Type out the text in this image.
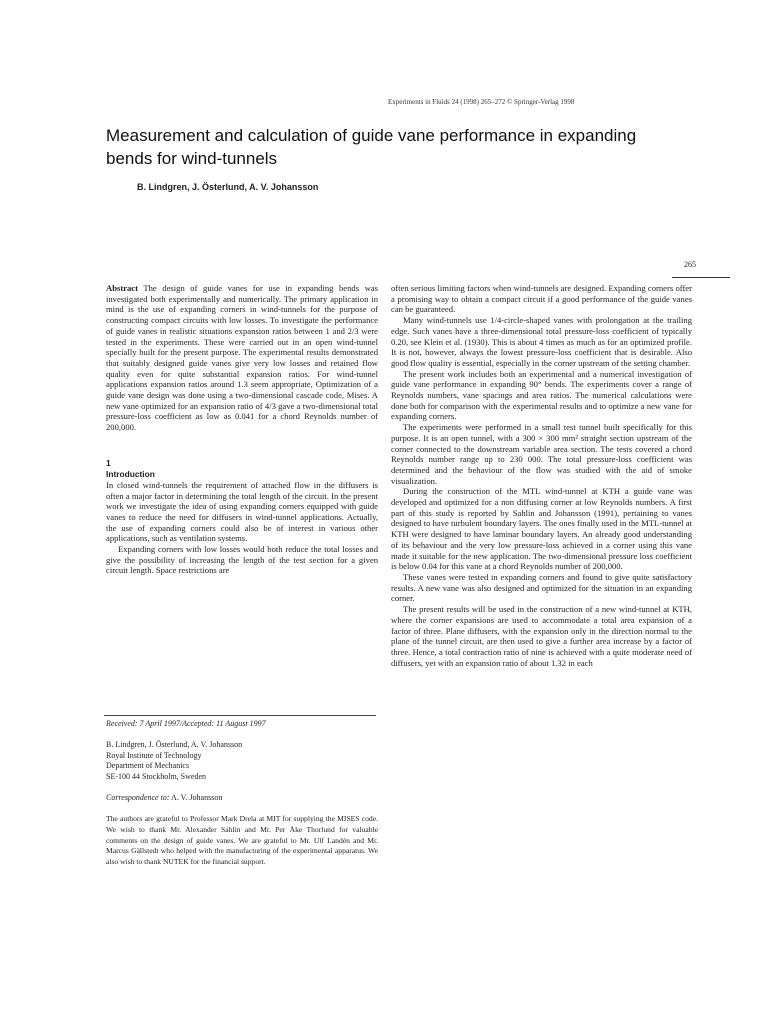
Experiments in Fluids 24 (1998) 265–272 © Springer-Verlag 1998
Measurement and calculation of guide vane performance in expanding bends for wind-tunnels
B. Lindgren, J. Österlund, A. V. Johansson
265

Abstract The design of guide vanes for use in expanding bends was investigated both experimentally and numerically. The primary application in mind is the use of expanding corners in wind-tunnels for the purpose of constructing compact circuits with low losses. To investigate the performance of guide vanes in realistic situations expansion ratios between 1 and 2/3 were tested in the experiments. These were carried out in an open wind-tunnel specially built for the present purpose. The experimental results demonstrated that suitably designed guide vanes give very low losses and retained flow quality even for quite substantial expansion ratios. For wind-tunnel applications expansion ratios around 1.3 seem appropriate, Optimization of a guide vane design was done using a two-dimensional cascade code, Mises. A new vane optimized for an expansion ratio of 4/3 gave a two-dimensional total pressure-loss coefficient as low as 0.041 for a chord Reynolds number of 200,000.

1
Introduction

In closed wind-tunnels the requirement of attached flow in the diffusers is often a major factor in determining the total length of the circuit. In the present work we investigate the idea of using expanding corners equipped with guide vanes to reduce the need for diffusers in wind-tunnel applications. Actually, the use of expanding corners could also be of interest in various other applications, such as ventilation systems.

Expanding corners with low losses would both reduce the total losses and give the possibility of increasing the length of the test section for a given circuit length. Space restrictions are

Received: 7 April 1997/Accepted: 11 August 1997
B. Lindgren, J. Österlund, A. V. Johansson
Royal Institute of Technology
Department of Mechanics
SE-100 44 Stockholm, Sweden
Correspondence to: A. V. Johansson
The authors are grateful to Professor Mark Drela at MIT for supplying the MISES code. We wish to thank Mr. Alexander Sahlin and Mr. Per Åke Thorlund for valuable comments on the design of guide vanes. We are grateful to Mr. Ulf Landén and Mr. Marcus Gällstedt who helped with the manufacturing of the experimental apparatus. We also wish to thank NUTEK for the financial support.

often serious limiting factors when wind-tunnels are designed. Expanding corners offer a promising way to obtain a compact circuit if a good performance of the guide vanes can be guaranteed.

Many wind-tunnels use 1/4-circle-shaped vanes with prolongation at the trailing edge. Such vanes have a three-dimensional total pressure-loss coefficient of typically 0.20, see Klein et al. (1930). This is about 4 times as much as for an optimized profile. It is not, however, always the lowest pressure-loss coefficient that is desirable. Also good flow quality is essential, especially in the corner upstream of the setting chamber.

The present work includes both an experimental and a numerical investigation of guide vane performance in expanding 90° bends. The experiments cover a range of Reynolds numbers, vane spacings and area ratios. The numerical calculations were done both for comparison with the experimental results and to optimize a new vane for expanding corners.

The experiments were performed in a small test tunnel built specifically for this purpose. It is an open tunnel, with a 300 × 300 mm² straight section upstream of the corner connected to the downstream variable area section. The tests covered a chord Reynolds number range up to 230 000. The total pressure-loss coefficient was determined and the behaviour of the flow was studied with the aid of smoke visualization.

During the construction of the MTL wind-tunnel at KTH a guide vane was developed and optimized for a non diffusing corner at low Reynolds numbers. A first part of this study is reported by Sahlin and Johansson (1991), pertaining to vanes designed to have turbulent boundary layers. The ones finally used in the MTL-tunnel at KTH were designed to have laminar boundary layers. An already good understanding of its behaviour and the very low pressure-loss achieved in a corner using this vane made it suitable for the new application. The two-dimensional pressure loss coefficient is below 0.04 for this vane at a chord Reynolds number of 200,000.

These vanes were tested in expanding corners and found to give quite satisfactory results. A new vane was also designed and optimized for the situation in an expanding corner.

The present results will be used in the construction of a new wind-tunnel at KTH, where the corner expansions are used to accommodate a total area expansion of a factor of three. Plane diffusers, with the expansion only in the direction normal to the plane of the tunnel circuit, are then used to give a further area increase by a factor of three. Hence, a total contraction ratio of nine is achieved with a quite moderate need of diffusers, yet with an expansion ratio of about 1.32 in each
